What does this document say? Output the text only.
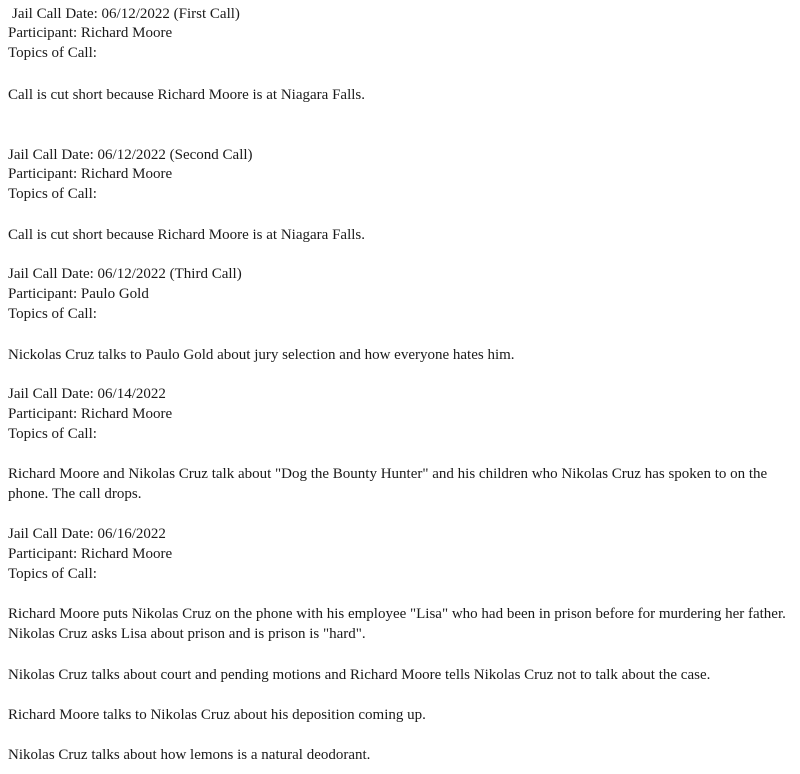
Jail Call Date: 06/12/2022 (First Call)

Participant: Richard Moore

Topics of Call:

Call is cut short because Richard Moore is at Niagara Falls.

Jail Call Date: 06/12/2022 (Second Call)

Participant: Richard Moore

Topics of Call:

Call is cut short because Richard Moore is at Niagara Falls.

Jail Call Date: 06/12/2022 (Third Call)

Participant: Paulo Gold

Topics of Call:

Nickolas Cruz talks to Paulo Gold about jury selection and how everyone hates him.

Jail Call Date: 06/14/2022

Participant: Richard Moore

Topics of Call:

Richard Moore and Nikolas Cruz talk about "Dog the Bounty Hunter" and his children who Nikolas Cruz has spoken to on the phone. The call drops.

Jail Call Date: 06/16/2022

Participant: Richard Moore

Topics of Call:

Richard Moore puts Nikolas Cruz on the phone with his employee "Lisa" who had been in prison before for murdering her father. Nikolas Cruz asks Lisa about prison and is prison is "hard".

Nikolas Cruz talks about court and pending motions and Richard Moore tells Nikolas Cruz not to talk about the case.

Richard Moore talks to Nikolas Cruz about his deposition coming up.

Nikolas Cruz talks about how lemons is a natural deodorant.
